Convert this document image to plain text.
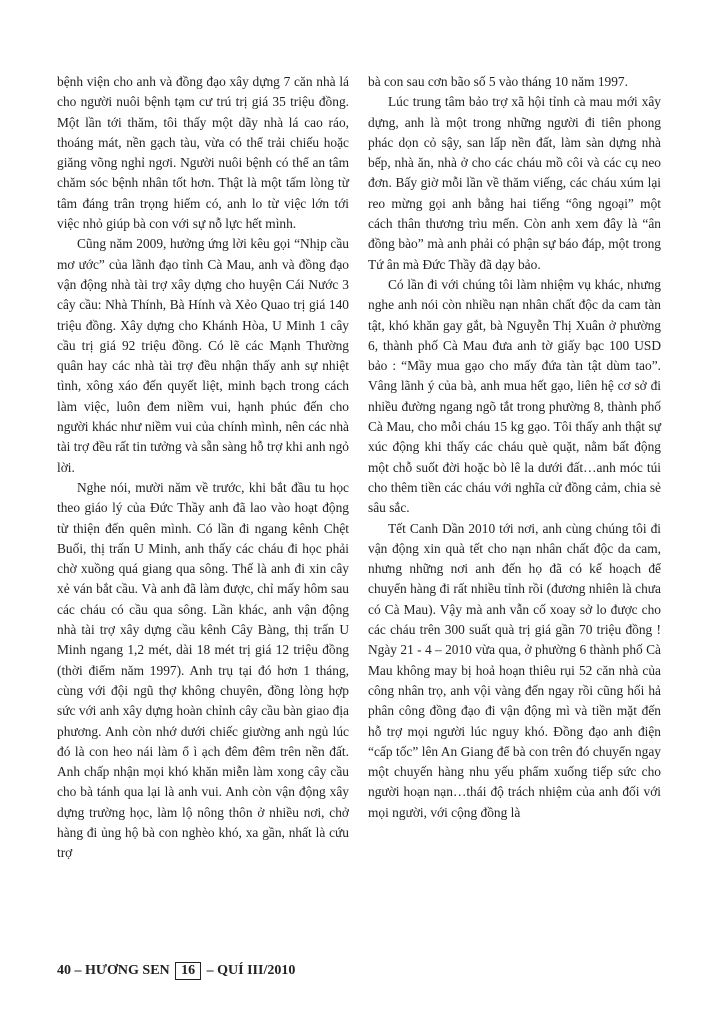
bệnh viện cho anh và đồng đạo xây dựng 7 căn nhà lá cho người nuôi bệnh tạm cư trú trị giá 35 triệu đồng. Một lần tới thăm, tôi thấy một dãy nhà lá cao ráo, thoáng mát, nền gạch tàu, vừa có thể trải chiếu hoặc giăng võng nghỉ ngơi. Người nuôi bệnh có thể an tâm chăm sóc bệnh nhân tốt hơn. Thật là một tấm lòng từ tâm đáng trân trọng hiếm có, anh lo từ việc lớn tới việc nhỏ giúp bà con với sự nỗ lực hết mình.

Cũng năm 2009, hưởng ứng lời kêu gọi “Nhịp cầu mơ ước” của lãnh đạo tỉnh Cà Mau, anh và đồng đạo vận động nhà tài trợ xây dựng cho huyện Cái Nước 3 cây cầu: Nhà Thính, Bà Hính và Xẻo Quao trị giá 140 triệu đồng. Xây dựng cho Khánh Hòa, U Minh 1 cây cầu trị giá 92 triệu đồng. Có lẽ các Mạnh Thường quân hay các nhà tài trợ đều nhận thấy anh sự nhiệt tình, xông xáo đến quyết liệt, minh bạch trong cách làm việc, luôn đem niềm vui, hạnh phúc đến cho người khác như niềm vui của chính mình, nên các nhà tài trợ đều rất tin tưởng và sẵn sàng hỗ trợ khi anh ngỏ lời.

Nghe nói, mười năm về trước, khi bắt đầu tu học theo giáo lý của Đức Thầy anh đã lao vào hoạt động từ thiện đến quên mình. Có lần đi ngang kênh Chệt Buối, thị trấn U Minh, anh thấy các cháu đi học phải chờ xuồng quá giang qua sông. Thế là anh đi xin cây xẻ ván bắt cầu. Và anh đã làm được, chỉ mấy hôm sau các cháu có cầu qua sông. Lần khác, anh vận động nhà tài trợ xây dựng cầu kênh Cây Bàng, thị trấn U Minh ngang 1,2 mét, dài 18 mét trị giá 12 triệu đồng (thời điểm năm 1997). Anh trụ tại đó hơn 1 tháng, cùng với đội ngũ thợ không chuyên, đồng lòng hợp sức với anh xây dựng hoàn chỉnh cây cầu bàn giao địa phương. Anh còn nhớ dưới chiếc giường anh ngủ lúc đó là con heo nái làm ổ ì ạch đêm đêm trên nền đất. Anh chấp nhận mọi khó khăn miễn làm xong cây cầu cho bà tánh qua lại là anh vui. Anh còn vận động xây dựng trường học, làm lộ nông thôn ở nhiều nơi, chở hàng đi ủng hộ bà con nghèo khó, xa gần, nhất là cứu trợ

bà con sau cơn bão số 5 vào tháng 10 năm 1997.

Lúc trung tâm bảo trợ xã hội tỉnh cà mau mới xây dựng, anh là một trong những người đi tiên phong phác dọn cỏ sậy, san lấp nền đất, làm sàn dựng nhà bếp, nhà ăn, nhà ở cho các cháu mồ côi và các cụ neo đơn. Bấy giờ mỗi lần về thăm viếng, các cháu xúm lại reo mừng gọi anh bằng hai tiếng “ông ngoại” một cách thân thương trìu mến. Còn anh xem đây là “ân đồng bào” mà anh phải có phận sự báo đáp, một trong Tứ ân mà Đức Thầy đã dạy bảo.

Có lần đi với chúng tôi làm nhiệm vụ khác, nhưng nghe anh nói còn nhiều nạn nhân chất độc da cam tàn tật, khó khăn gay gắt, bà Nguyễn Thị Xuân ở phường 6, thành phố Cà Mau đưa anh tờ giấy bạc 100 USD bảo : “Mầy mua gạo cho mấy đứa tàn tật dùm tao”. Vâng lãnh ý của bà, anh mua hết gạo, liên hệ cơ sở đi nhiều đường ngang ngõ tắt trong phường 8, thành phố Cà Mau, cho mỗi cháu 15 kg gạo. Tôi thấy anh thật sự xúc động khi thấy các cháu què quặt, nằm bất động một chỗ suốt đời hoặc bò lê la dưới đất…anh móc túi cho thêm tiền các cháu với nghĩa cử đồng cảm, chia sẻ sâu sắc.

Tết Canh Dần 2010 tới nơi, anh cùng chúng tôi đi vận động xin quà tết cho nạn nhân chất độc da cam, nhưng những nơi anh đến họ đã có kế hoạch để chuyển hàng đi rất nhiều tỉnh rồi (đương nhiên là chưa có Cà Mau). Vậy mà anh vẫn cố xoay sở lo được cho các cháu trên 300 suất quà trị giá gần 70 triệu đồng ! Ngày 21 - 4 – 2010 vừa qua, ở phường 6 thành phố Cà Mau không may bị hoả hoạn thiêu rụi 52 căn nhà của công nhân trọ, anh vội vàng đến ngay rồi cũng hối hả phân công đồng đạo đi vận động mì và tiền mặt đến hỗ trợ mọi người lúc nguy khó. Đồng đạo anh điện “cấp tốc” lên An Giang để bà con trên đó chuyển ngay một chuyến hàng nhu yếu phẩm xuống tiếp sức cho người hoạn nạn…thái độ trách nhiệm của anh đối với mọi người, với cộng đồng là

40 – HƯƠNG SEN 16 – QUÍ III/2010
